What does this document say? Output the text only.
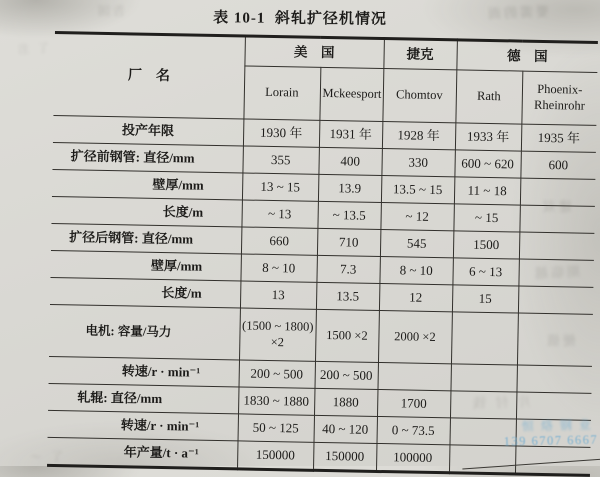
表 10-1  斜轧扩径机情况
厂　名	美　国		捷克	德　国	
	Lorain	Mckeesport	Chomtov	Rath	Phoenix-Rheinrohr
投产年限	1930 年	1931 年	1928 年	1933 年	1935 年
扩径前钢管: 直径/mm	355	400	330	600 ~ 620	600
壁厚/mm	13 ~ 15	13.9	13.5 ~ 15	11 ~ 18	
长度/m	~ 13	~ 13.5	~ 12	~ 15	
扩径后钢管: 直径/mm	660	710	545	1500	
壁厚/mm	8 ~ 10	7.3	8 ~ 10	6 ~ 13	
长度/m	13	13.5	12	15	
电机: 容量/马力	(1500 ~ 1800) ×2	1500 ×2	2000 ×2		
转速/r · min⁻¹	200 ~ 500	200 ~ 500			
轧辊: 直径/mm	1830 ~ 1880	1880	1700		
转速/r · min⁻¹	50 ~ 125	40 ~ 120	0 ~ 73.5		
年产量/t · a⁻¹	150000	150000	100000		
恒烙钢业
139 6707 6667
要需的而
注 了
建双
期临越
便值
片 付 钱
～ 了
告国
